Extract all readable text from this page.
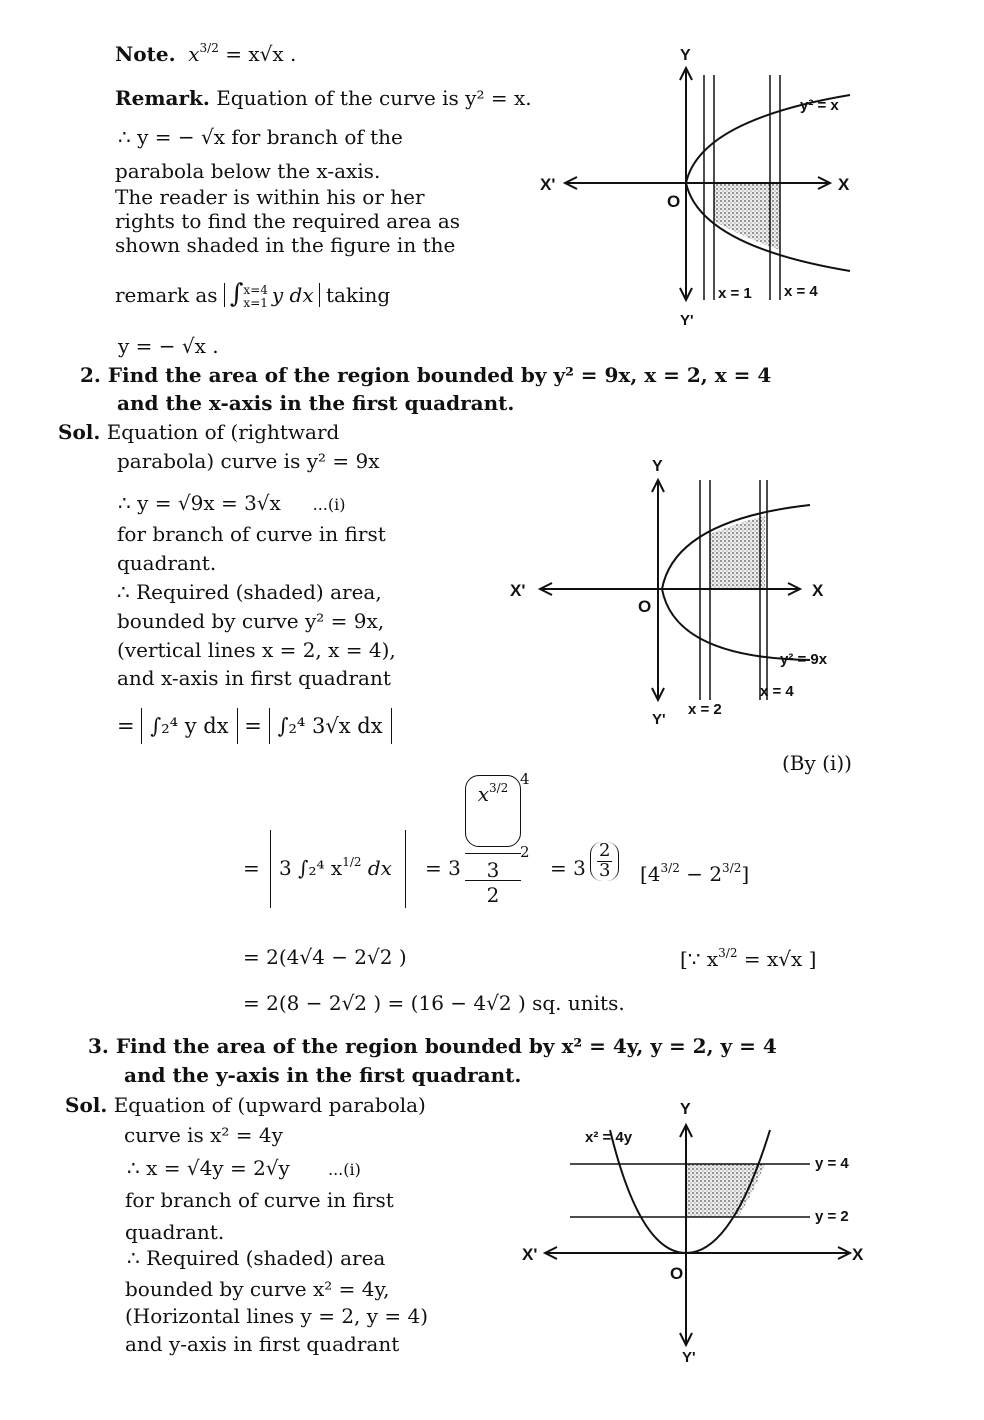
Note. $x^{3/2} = x√x$ .
Remark. Equation of the curve is y² = x.
∴ y = − √x for branch of the
parabola below the x-axis.
The reader is within his or her
rights to find the required area as
shown shaded in the figure in the
remark as ∫ x=4
x=1 y dx taking
y = − √x .
2. Find the area of the region bounded by y² = 9x, x = 2, x = 4
and the x-axis in the first quadrant.
Sol. Equation of (rightward
parabola) curve is y² = 9x
∴ y = √9x = 3√x ...(i)
for branch of curve in first
quadrant.
∴ Required (shaded) area,
bounded by curve y² = 9x,
(vertical lines x = 2, x = 4),
and x-axis in first quadrant
= ∫₂⁴ y dx = ∫₂⁴ 3√x dx
(By (i))
= 3 ∫₂⁴ $x^{1/2}$ dx	= 3
$x^{3/2}$
3
2
4
2
= $3 \frac{2}{3} [4^{3/2} - 2^{3/2}]$
= 2(4√4 − 2√2 )	[∵ $x^{3/2} = x√x$ ]
= 2(8 − 2√2 ) = (16 − 4√2 ) sq. units.
3. Find the area of the region bounded by x² = 4y, y = 2, y = 4
and the y-axis in the first quadrant.
Sol. Equation of (upward parabola)
curve is x² = 4y
∴ x = √4y = 2√y ...(i)
for branch of curve in first
quadrant.
∴ Required (shaded) area
bounded by curve x² = 4y,
(Horizontal lines y = 2, y = 4)
and y-axis in first quadrant
Y
Y'
X
X'
O
y² = x
x = 1 x = 4
Y
Y'
X
X'
O
y² = 9x
x = 2
x = 4
Y
Y'
X
X'
O
x² = 4y
y = 4
y = 2
